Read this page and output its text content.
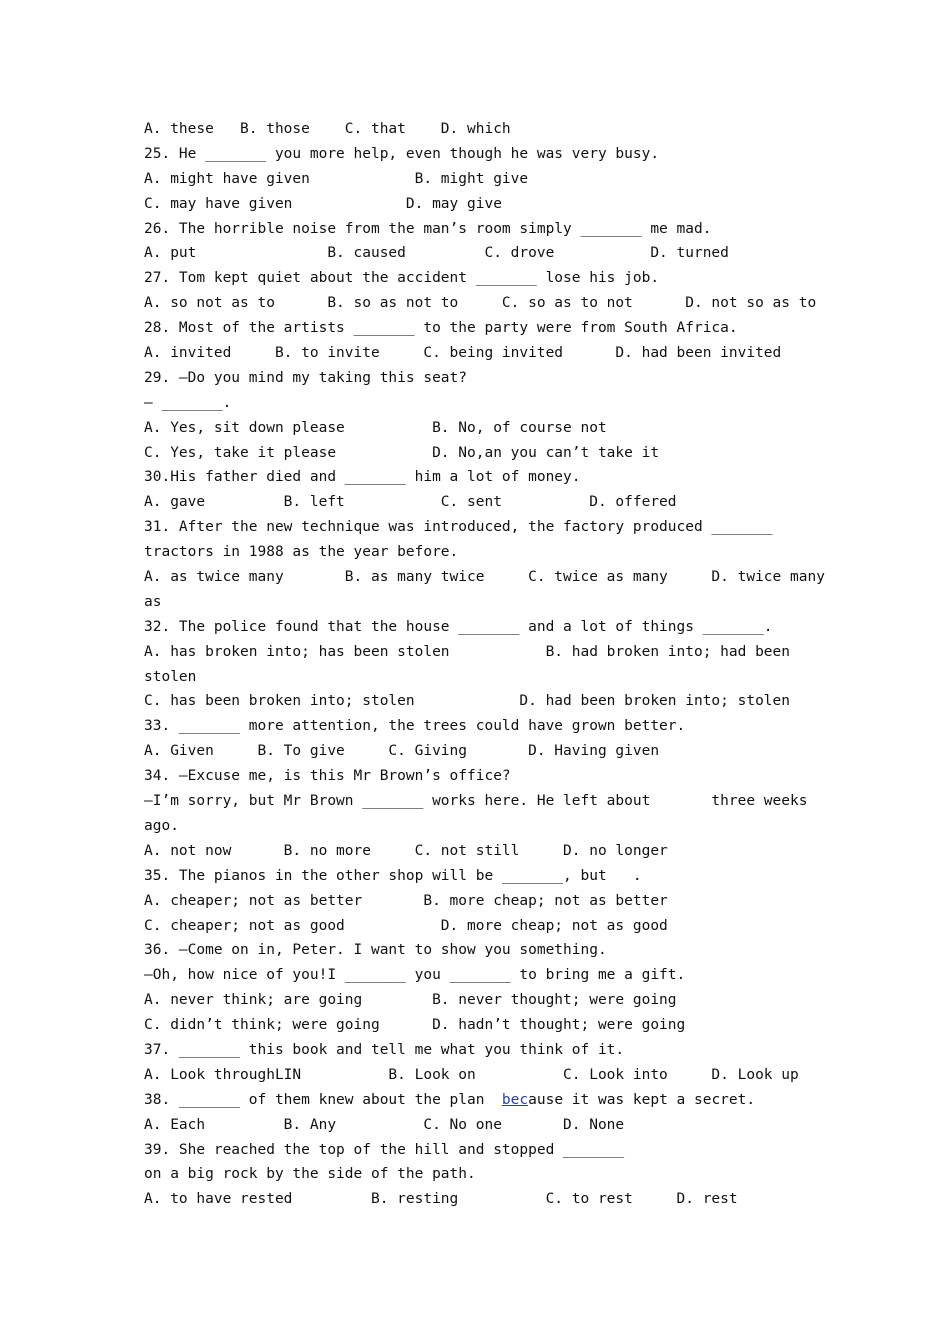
A. these   B. those    C. that    D. which
25. He _______ you more help, even though he was very busy.
A. might have given            B. might give
C. may have given             D. may give
26. The horrible noise from the man’s room simply _______ me mad.
A. put               B. caused         C. drove           D. turned
27. Tom kept quiet about the accident _______ lose his job.
A. so not as to      B. so as not to     C. so as to not      D. not so as to
28. Most of the artists _______ to the party were from South Africa.
A. invited     B. to invite     C. being invited      D. had been invited
29. —Do you mind my taking this seat?
— _______.
A. Yes, sit down please          B. No, of course not
C. Yes, take it please           D. No,an you can’t take it
30.His father died and _______ him a lot of money.
A. gave         B. left           C. sent          D. offered
31. After the new technique was introduced, the factory produced _______
tractors in 1988 as the year before.
A. as twice many       B. as many twice     C. twice as many     D. twice many
as
32. The police found that the house _______ and a lot of things _______.
A. has broken into; has been stolen           B. had broken into; had been
stolen
C. has been broken into; stolen            D. had been broken into; stolen
33. _______ more attention, the trees could have grown better.
A. Given     B. To give     C. Giving       D. Having given
34. —Excuse me, is this Mr Brown’s office?
—I’m sorry, but Mr Brown _______ works here. He left about       three weeks
ago.
A. not now      B. no more     C. not still     D. no longer
35. The pianos in the other shop will be _______, but   .
A. cheaper; not as better       B. more cheap; not as better
C. cheaper; not as good           D. more cheap; not as good
36. —Come on in, Peter. I want to show you something.
—Oh, how nice of you!I _______ you _______ to bring me a gift.
A. never think; are going        B. never thought; were going
C. didn’t think; were going      D. hadn’t thought; were going
37. _______ this book and tell me what you think of it.
A. Look throughLIN          B. Look on          C. Look into     D. Look up
38. _______ of them knew about the plan  because it was kept a secret.
A. Each         B. Any          C. No one       D. None
39. She reached the top of the hill and stopped _______
on a big rock by the side of the path.
A. to have rested         B. resting          C. to rest     D. rest
